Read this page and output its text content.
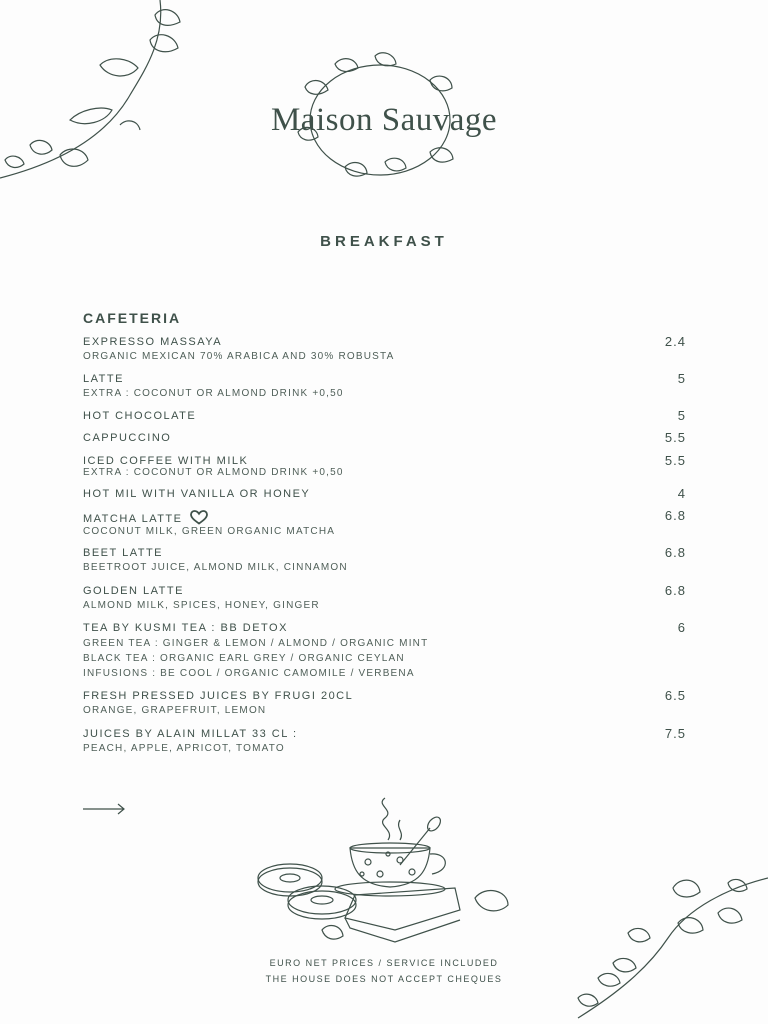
Maison Sauvage
BREAKFAST
CAFETERIA
EXPRESSO MASSAYA
ORGANIC MEXICAN 70% ARABICA AND 30% ROBUSTA
2.4
LATTE
EXTRA : COCONUT OR ALMOND DRINK +0,50
5
HOT CHOCOLATE	5
CAPPUCCINO	5.5
ICED COFFEE WITH MILK
EXTRA : COCONUT OR ALMOND DRINK +0,50
5.5
HOT MIL WITH VANILLA OR HONEY	4
MATCHA LATTE
COCONUT MILK, GREEN ORGANIC MATCHA
6.8
BEET LATTE
BEETROOT JUICE, ALMOND MILK, CINNAMON
6.8
GOLDEN LATTE
ALMOND MILK, SPICES, HONEY, GINGER
6.8
TEA BY KUSMI TEA : BB DETOX
GREEN TEA : GINGER & LEMON / ALMOND / ORGANIC MINT
BLACK TEA : ORGANIC EARL GREY / ORGANIC CEYLAN
INFUSIONS : BE COOL / ORGANIC CAMOMILE / VERBENA
6
FRESH PRESSED JUICES BY FRUGI 20CL
ORANGE, GRAPEFRUIT, LEMON
6.5
JUICES BY ALAIN MILLAT 33 CL :
PEACH, APPLE, APRICOT, TOMATO
7.5
EURO NET PRICES / SERVICE INCLUDED
THE HOUSE DOES NOT ACCEPT CHEQUES
